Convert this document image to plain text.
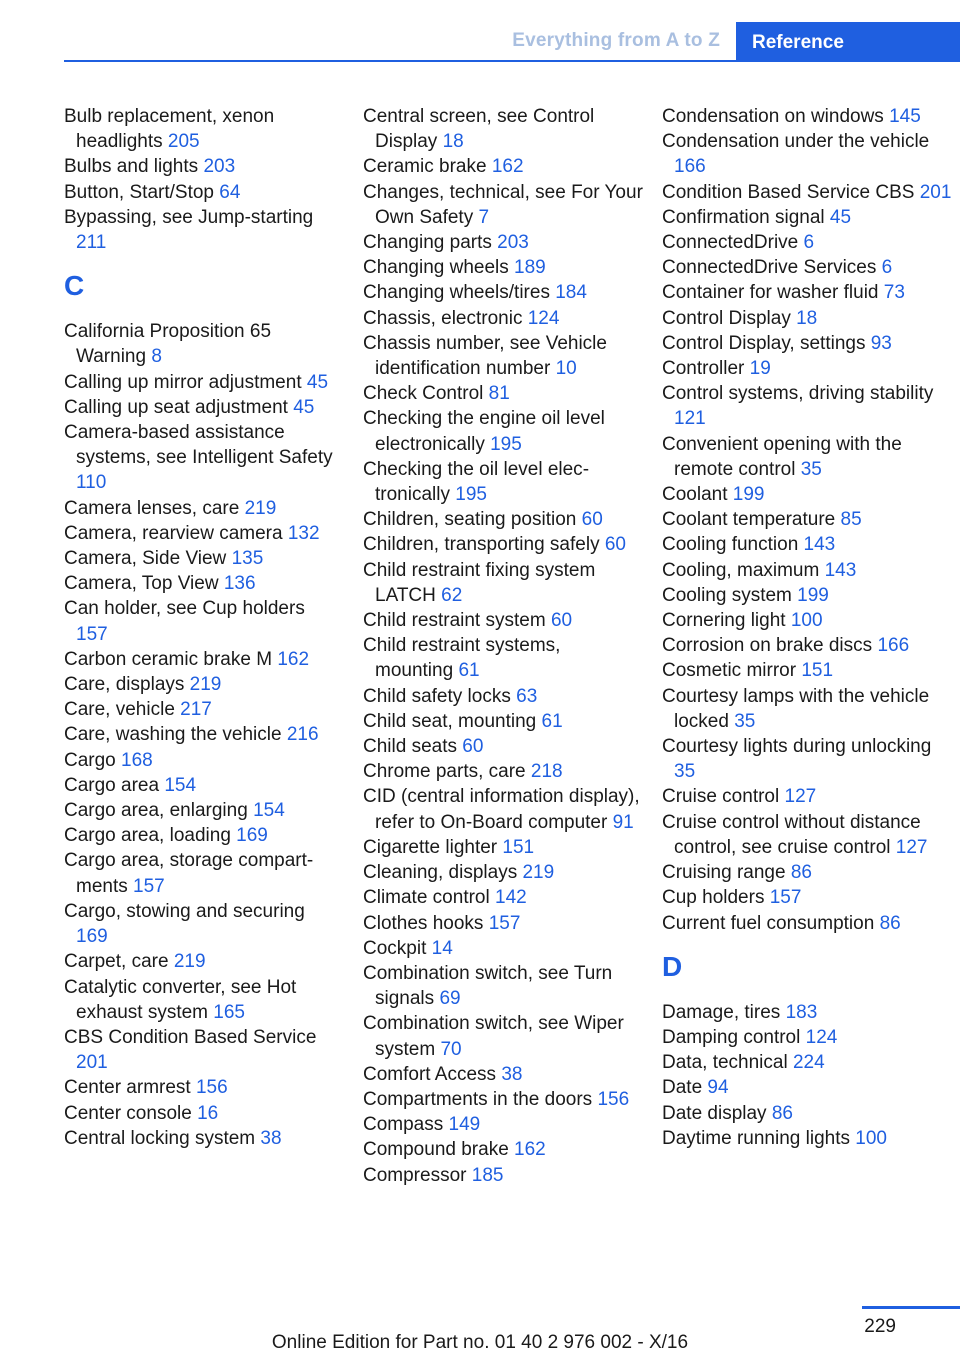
Everything from A to Z	Reference
Bulb replacement, xenon headlights 205
Bulbs and lights 203
Button, Start/Stop 64
Bypassing, see Jump-starting 211
C
California Proposition 65 Warning 8
Calling up mirror adjustment 45
Calling up seat adjustment 45
Camera-based assistance systems, see Intelligent Safety 110
Camera lenses, care 219
Camera, rearview camera 132
Camera, Side View 135
Camera, Top View 136
Can holder, see Cup holders 157
Carbon ceramic brake M 162
Care, displays 219
Care, vehicle 217
Care, washing the vehicle 216
Cargo 168
Cargo area 154
Cargo area, enlarging 154
Cargo area, loading 169
Cargo area, storage compartments 157
Cargo, stowing and securing 169
Carpet, care 219
Catalytic converter, see Hot exhaust system 165
CBS Condition Based Service 201
Center armrest 156
Center console 16
Central locking system 38
Central screen, see Control Display 18
Ceramic brake 162
Changes, technical, see For Your Own Safety 7
Changing parts 203
Changing wheels 189
Changing wheels/tires 184
Chassis, electronic 124
Chassis number, see Vehicle identification number 10
Check Control 81
Checking the engine oil level electronically 195
Checking the oil level electronically 195
Children, seating position 60
Children, transporting safely 60
Child restraint fixing system LATCH 62
Child restraint system 60
Child restraint systems, mounting 61
Child safety locks 63
Child seat, mounting 61
Child seats 60
Chrome parts, care 218
CID (central information display), refer to On-Board computer 91
Cigarette lighter 151
Cleaning, displays 219
Climate control 142
Clothes hooks 157
Cockpit 14
Combination switch, see Turn signals 69
Combination switch, see Wiper system 70
Comfort Access 38
Compartments in the doors 156
Compass 149
Compound brake 162
Compressor 185
Condensation on windows 145
Condensation under the vehicle 166
Condition Based Service CBS 201
Confirmation signal 45
ConnectedDrive 6
ConnectedDrive Services 6
Container for washer fluid 73
Control Display 18
Control Display, settings 93
Controller 19
Control systems, driving stability 121
Convenient opening with the remote control 35
Coolant 199
Coolant temperature 85
Cooling function 143
Cooling, maximum 143
Cooling system 199
Cornering light 100
Corrosion on brake discs 166
Cosmetic mirror 151
Courtesy lamps with the vehicle locked 35
Courtesy lights during unlocking 35
Cruise control 127
Cruise control without distance control, see cruise control 127
Cruising range 86
Cup holders 157
Current fuel consumption 86
D
Damage, tires 183
Damping control 124
Data, technical 224
Date 94
Date display 86
Daytime running lights 100
229
Online Edition for Part no. 01 40 2 976 002 - X/16
